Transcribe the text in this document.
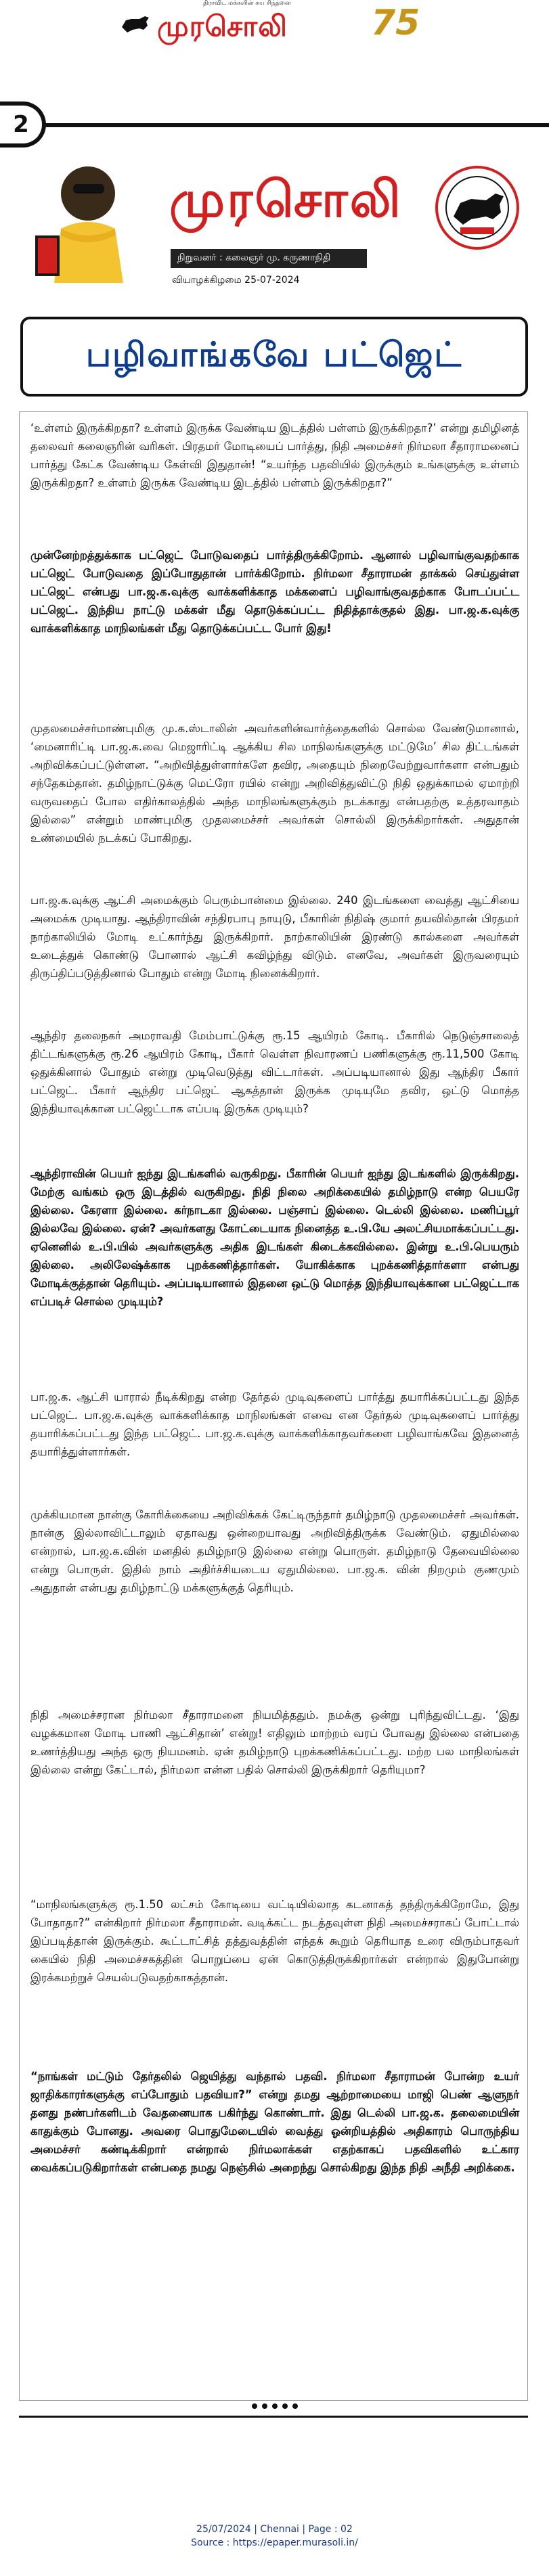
திராவிட மக்களின் சுய சிந்தனை
முரசொலி 75
2
முரசொலி
நிறுவனர் : கலைஞர் மு. கருணாநிதி
வியாழக்கிழமை 25-07-2024
பழிவாங்கவே பட்ஜெட்
‘உள்ளம் இருக்கிறதா? உள்ளம் இருக்க வேண்டிய இடத்தில் பள்ளம் இருக்கிறதா?’ என்று தமிழினத் தலைவர் கலைஞரின் வரிகள். பிரதமர் மோடியைப் பார்த்து, நிதி அமைச்சர் நிர்மலா சீதாராமனைப் பார்த்து கேட்க வேண்டிய கேள்வி இதுதான்! “உயர்ந்த பதவியில் இருக்கும் உங்களுக்கு உள்ளம் இருக்கிறதா? உள்ளம் இருக்க வேண்டிய இடத்தில் பள்ளம் இருக்கிறதா?”
முன்னேற்றத்துக்காக பட்ஜெட் போடுவதைப் பார்த்திருக்கிறோம். ஆனால் பழிவாங்குவதற்காக பட்ஜெட் போடுவதை இப்போதுதான் பார்க்கிறோம். நிர்மலா சீதாராமன் தாக்கல் செய்துள்ள பட்ஜெட் என்பது பா.ஜ.க.வுக்கு வாக்களிக்காத மக்களைப் பழிவாங்குவதற்காக போடப்பட்ட பட்ஜெட். இந்திய நாட்டு மக்கள் மீது தொடுக்கப்பட்ட நிதித்தாக்குதல் இது. பா.ஜ.க.வுக்கு வாக்களிக்காத மாநிலங்கள் மீது தொடுக்கப்பட்ட போர் இது!
முதலமைச்சர்மாண்புமிகு மு.க.ஸ்டாலின் அவர்களின்வார்த்தைகளில் சொல்ல வேண்டுமானால், ‘மைனாரிட்டி பா.ஜ.க.வை மெஜாரிட்டி ஆக்கிய சில மாநிலங்களுக்கு மட்டுமே’ சில திட்டங்கள் அறிவிக்கப்பட்டுள்ளன. “அறிவித்துள்ளார்களே தவிர, அதையும் நிறைவேற்றுவார்களா என்பதும் சந்தேகம்தான். தமிழ்நாட்டுக்கு மெட்ரோ ரயில் என்று அறிவித்துவிட்டு நிதி ஒதுக்காமல் ஏமாற்றி வருவதைப் போல எதிர்காலத்தில் அந்த மாநிலங்களுக்கும் நடக்காது என்பதற்கு உத்தரவாதம் இல்லை” என்றும் மாண்புமிகு முதலமைச்சர் அவர்கள் சொல்லி இருக்கிறார்கள். அதுதான் உண்மையில் நடக்கப் போகிறது.
பா.ஜ.க.வுக்கு ஆட்சி அமைக்கும் பெரும்பான்மை இல்லை. 240 இடங்களை வைத்து ஆட்சியை அமைக்க முடியாது. ஆந்திராவின் சந்திரபாபு நாயுடு, பீகாரின் நிதிஷ் குமார் தயவில்தான் பிரதமர் நாற்காலியில் மோடி உட்கார்ந்து இருக்கிறார். நாற்காலியின் இரண்டு கால்களை அவர்கள் உடைத்துக் கொண்டு போனால் ஆட்சி கவிழ்ந்து விடும். எனவே, அவர்கள் இருவரையும் திருப்திப்படுத்தினால் போதும் என்று மோடி நினைக்கிறார்.
ஆந்திர தலைநகர் அமராவதி மேம்பாட்டுக்கு ரூ.15 ஆயிரம் கோடி. பீகாரில் நெடுஞ்சாலைத் திட்டங்களுக்கு ரூ.26 ஆயிரம் கோடி, பீகார் வெள்ள நிவாரணப் பணிகளுக்கு ரூ.11,500 கோடி ஒதுக்கினால் போதும் என்று முடிவெடுத்து விட்டார்கள். அப்படியானால் இது ஆந்திர பீகார் பட்ஜெட். பீகார் ஆந்திர பட்ஜெட் ஆகத்தான் இருக்க முடியுமே தவிர, ஒட்டு மொத்த இந்தியாவுக்கான பட்ஜெட்டாக எப்படி இருக்க முடியும்?
ஆந்திராவின் பெயர் ஐந்து இடங்களில் வருகிறது. பீகாரின் பெயர் ஐந்து இடங்களில் இருக்கிறது. மேற்கு வங்கம் ஒரு இடத்தில் வருகிறது. நிதி நிலை அறிக்கையில் தமிழ்நாடு என்ற பெயரே இல்லை. கேரளா இல்லை. கர்நாடகா இல்லை. பஞ்சாப் இல்லை. டெல்லி இல்லை. மணிப்பூர் இல்லவே இல்லை. ஏன்? அவர்களது கோட்டையாக நினைத்த உ.பி.யே அலட்சியமாக்கப்பட்டது. ஏனெனில் உ.பி.யில் அவர்களுக்கு அதிக இடங்கள் கிடைக்கவில்லை. இன்று உ.பி.பெயரும் இல்லை. அலிலேஷ்க்காக புறக்கணித்தார்கள். யோகிக்காக புறக்கணித்தார்களா என்பது மோடிக்குத்தான் தெரியும். அப்படியானால் இதனை ஒட்டு மொத்த இந்தியாவுக்கான பட்ஜெட்டாக எப்படிச் சொல்ல முடியும்?
பா.ஜ.க. ஆட்சி யாரால் நீடிக்கிறது என்ற தேர்தல் முடிவுகளைப் பார்த்து தயாரிக்கப்பட்டது இந்த பட்ஜெட். பா.ஜ.க.வுக்கு வாக்களிக்காத மாநிலங்கள் எவை என தேர்தல் முடிவுகளைப் பார்த்து தயாரிக்கப்பட்டது இந்த பட்ஜெட். பா.ஜ.க.வுக்கு வாக்களிக்காதவர்களை பழிவாங்கவே இதனைத் தயாரித்துள்ளார்கள்.
முக்கியமான நான்கு கோரிக்கையை அறிவிக்கக் கேட்டிருந்தார் தமிழ்நாடு முதலமைச்சர் அவர்கள். நான்கு இல்லாவிட்டாலும் ஏதாவது ஒன்றையாவது அறிவித்திருக்க வேண்டும். ஏதுமில்லை என்றால், பா.ஜ.க.வின் மனதில் தமிழ்நாடு இல்லை என்று பொருள். தமிழ்நாடு தேவையில்லை என்று பொருள். இதில் நாம் அதிர்ச்சியடைய ஏதுமில்லை. பா.ஜ.க. வின் நிறமும் குணமும் அதுதான் என்பது தமிழ்நாட்டு மக்களுக்குத் தெரியும்.
நிதி அமைச்சரான நிர்மலா சீதாராமனை நியமித்ததும். நமக்கு ஒன்று புரிந்துவிட்டது. ‘இது வழக்கமான மோடி பாணி ஆட்சிதான்’ என்று! எதிலும் மாற்றம் வரப் போவது இல்லை என்பதை உணர்த்தியது அந்த ஒரு நியமனம். ஏன் தமிழ்நாடு புறக்கணிக்கப்பட்டது. மற்ற பல மாநிலங்கள் இல்லை என்று கேட்டால், நிர்மலா என்ன பதில் சொல்லி இருக்கிறார் தெரியுமா?
“மாநிலங்களுக்கு ரூ.1.50 லட்சம் கோடியை வட்டியில்லாத கடனாகத் தந்திருக்கிறோமே, இது போதாதா?” என்கிறார் நிர்மலா சீதாராமன். வடிக்கட்ட நடத்தவுள்ள நிதி அமைச்சராகப் போட்டால் இப்படித்தான் இருக்கும். கூட்டாட்சித் தத்துவத்தின் எந்தக் கூறும் தெரியாத உரை விரும்பாதவர் கையில் நிதி அமைச்சகத்தின் பொறுப்பை ஏன் கொடுத்திருக்கிறார்கள் என்றால் இதுபோன்று இரக்கமற்றுச் செயல்படுவதற்காகத்தான்.
“நாங்கள் மட்டும் தேர்தலில் ஜெயித்து வந்தால் பதவி. நிர்மலா சீதாராமன் போன்ற உயர் ஜாதிக்காரர்களுக்கு எப்போதும் பதவியா?” என்று தமது ஆற்றாமையை மாஜி பெண் ஆளுநர் தனது நண்பர்களிடம் வேதனையாக பகிர்ந்து கொண்டார். இது டெல்லி பா.ஜ.க. தலைமையின் காதுக்கும் போனது. அவரை பொதுமேடையில் வைத்து ஓன்றியத்தில் அதிகாரம் பொருந்திய அமைச்சர் கண்டிக்கிறார் என்றால் நிர்மலாக்கள் எதற்காகப் பதவிகளில் உட்கார வைக்கப்படுகிறார்கள் என்பதை நமது நெஞ்சில் அறைந்து சொல்கிறது இந்த நிதி அநீதி அறிக்கை.
25/07/2024 | Chennai | Page : 02
Source : https://epaper.murasoli.in/
